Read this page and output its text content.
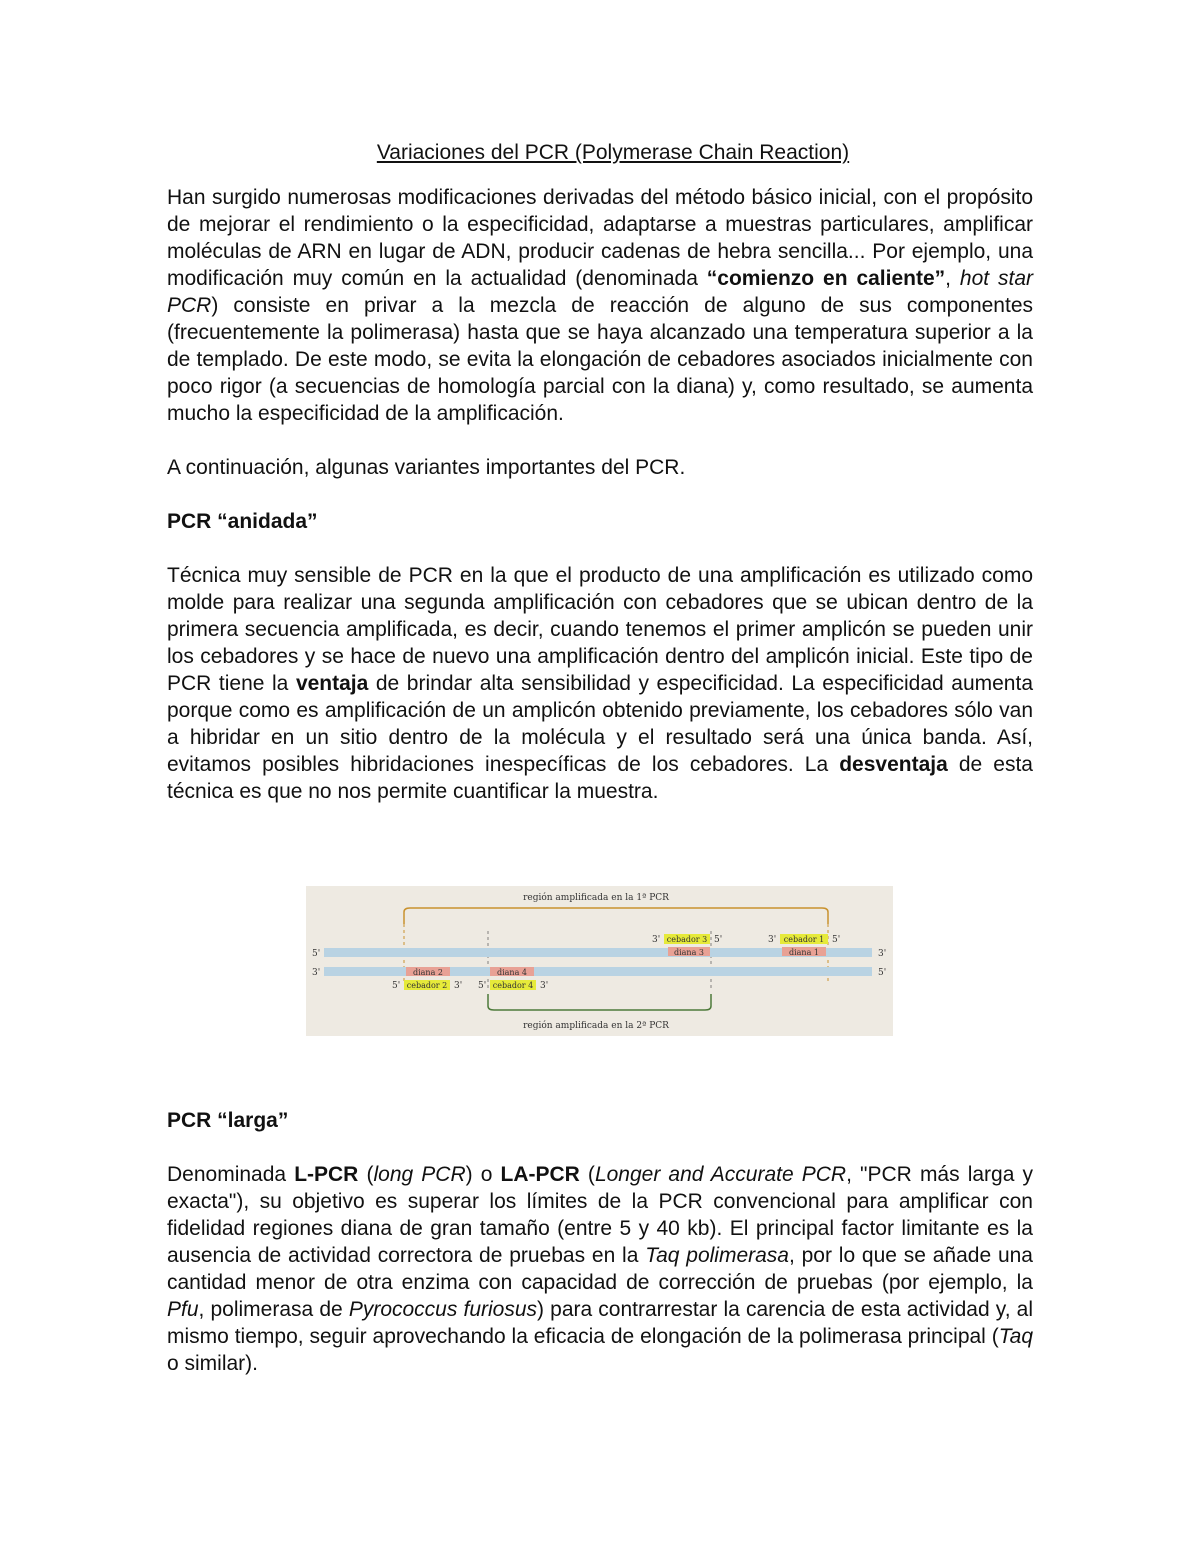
Variaciones del PCR (Polymerase Chain Reaction)

Han surgido numerosas modificaciones derivadas del método básico inicial, con el propósito de mejorar el rendimiento o la especificidad, adaptarse a muestras particulares, amplificar moléculas de ARN en lugar de ADN, producir cadenas de hebra sencilla... Por ejemplo, una modificación muy común en la actualidad (denominada “comienzo en caliente”, hot star PCR) consiste en privar a la mezcla de reacción de alguno de sus componentes (frecuentemente la polimerasa) hasta que se haya alcanzado una temperatura superior a la de templado. De este modo, se evita la elongación de cebadores asociados inicialmente con poco rigor (a secuencias de homología parcial con la diana) y, como resultado, se aumenta mucho la especificidad de la amplificación.

A continuación, algunas variantes importantes del PCR.

PCR “anidada”

Técnica muy sensible de PCR en la que el producto de una amplificación es utilizado como molde para realizar una segunda amplificación con cebadores que se ubican dentro de la primera secuencia amplificada, es decir, cuando tenemos el primer amplicón se pueden unir los cebadores y se hace de nuevo una amplificación dentro del amplicón inicial. Este tipo de PCR tiene la ventaja de brindar alta sensibilidad y especificidad. La especificidad aumenta porque como es amplificación de un amplicón obtenido previamente, los cebadores sólo van a hibridar en un sitio dentro de la molécula y el resultado será una única banda. Así, evitamos posibles hibridaciones inespecíficas de los cebadores. La desventaja de esta técnica es que no nos permite cuantificar la muestra.

PCR “larga”

Denominada L-PCR (long PCR) o LA-PCR (Longer and Accurate PCR, "PCR más larga y exacta"), su objetivo es superar los límites de la PCR convencional para amplificar con fidelidad regiones diana de gran tamaño (entre 5 y 40 kb). El principal factor limitante es la ausencia de actividad correctora de pruebas en la Taq polimerasa, por lo que se añade una cantidad menor de otra enzima con capacidad de corrección de pruebas (por ejemplo, la Pfu, polimerasa de Pyrococcus furiosus) para contrarrestar la carencia de esta actividad y, al mismo tiempo, seguir aprovechando la eficacia de elongación de la polimerasa principal (Taq o similar).

región amplificada en la 1ª PCR
5'	3'
3'	5'
3' cebador 3 5'
diana 3
3' cebador 1 5'
diana 1
diana 2
5' cebador 2 3'
diana 4
5' cebador 4 3'
región amplificada en la 2ª PCR
